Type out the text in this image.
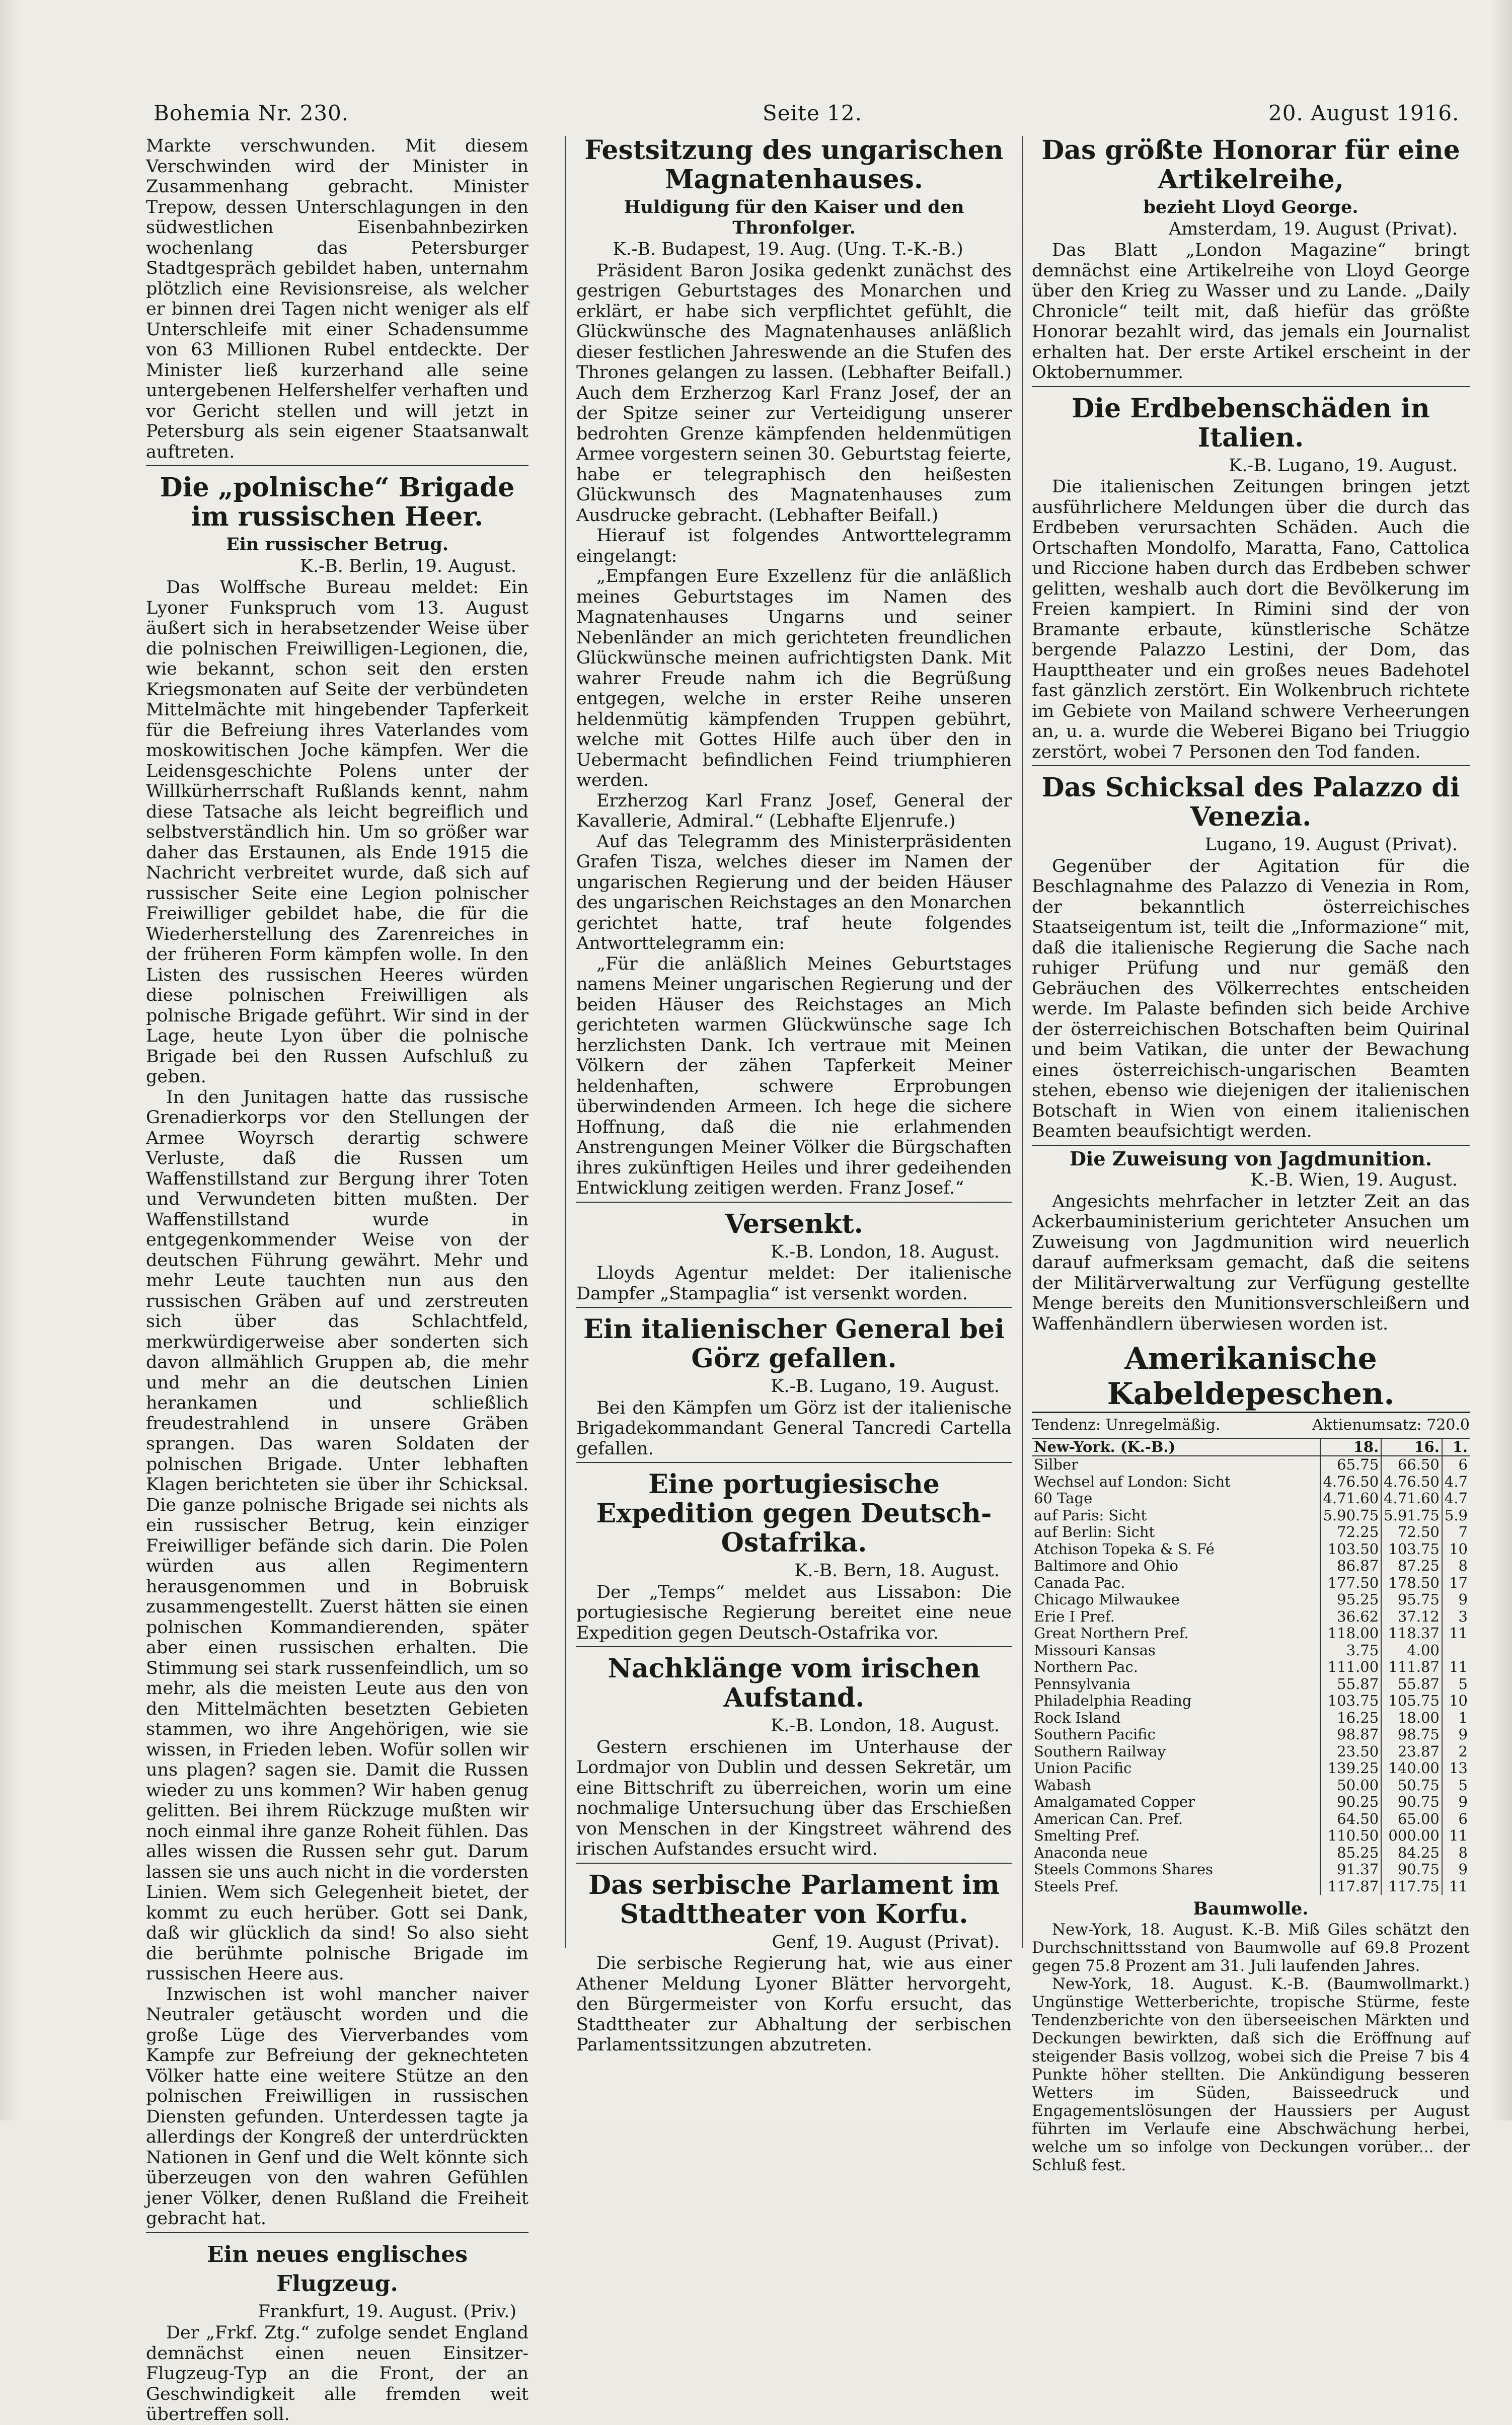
Bohemia Nr. 230.	Seite 12.	20. August 1916.

Markte verschwunden. Mit diesem Verschwinden wird der Minister in Zusammenhang gebracht. Minister Trepow, dessen Unterschlagungen in den südwestlichen Eisenbahnbezirken wochenlang das Petersburger Stadtgespräch gebildet haben, unternahm plötzlich eine Revisionsreise, als welcher er binnen drei Tagen nicht weniger als elf Unterschleife mit einer Schadensumme von 63 Millionen Rubel entdeckte. Der Minister ließ kurzerhand alle seine untergebenen Helfershelfer verhaften und vor Gericht stellen und will jetzt in Petersburg als sein eigener Staatsanwalt auftreten.

Die „polnische“ Brigade im russischen Heer.
Ein russischer Betrug.
K.-B. Berlin, 19. August.

Das Wolffsche Bureau meldet: Ein Lyoner Funkspruch vom 13. August äußert sich in herabsetzender Weise über die polnischen Freiwilligen-Legionen, die, wie bekannt, schon seit den ersten Kriegsmonaten auf Seite der verbündeten Mittelmächte mit hingebender Tapferkeit für die Befreiung ihres Vaterlandes vom moskowitischen Joche kämpfen. Wer die Leidensgeschichte Polens unter der Willkürherrschaft Rußlands kennt, nahm diese Tatsache als leicht begreiflich und selbstverständlich hin. Um so größer war daher das Erstaunen, als Ende 1915 die Nachricht verbreitet wurde, daß sich auf russischer Seite eine Legion polnischer Freiwilliger gebildet habe, die für die Wiederherstellung des Zarenreiches in der früheren Form kämpfen wolle. In den Listen des russischen Heeres würden diese polnischen Freiwilligen als polnische Brigade geführt. Wir sind in der Lage, heute Lyon über die polnische Brigade bei den Russen Aufschluß zu geben.

In den Junitagen hatte das russische Grenadierkorps vor den Stellungen der Armee Woyrsch derartig schwere Verluste, daß die Russen um Waffenstillstand zur Bergung ihrer Toten und Verwundeten bitten mußten. Der Waffenstillstand wurde in entgegenkommender Weise von der deutschen Führung gewährt. Mehr und mehr Leute tauchten nun aus den russischen Gräben auf und zerstreuten sich über das Schlachtfeld, merkwürdigerweise aber sonderten sich davon allmählich Gruppen ab, die mehr und mehr an die deutschen Linien herankamen und schließlich freudestrahlend in unsere Gräben sprangen. Das waren Soldaten der polnischen Brigade. Unter lebhaften Klagen berichteten sie über ihr Schicksal. Die ganze polnische Brigade sei nichts als ein russischer Betrug, kein einziger Freiwilliger befände sich darin. Die Polen würden aus allen Regimentern herausgenommen und in Bobruisk zusammengestellt. Zuerst hätten sie einen polnischen Kommandierenden, später aber einen russischen erhalten. Die Stimmung sei stark russenfeindlich, um so mehr, als die meisten Leute aus den von den Mittelmächten besetzten Gebieten stammen, wo ihre Angehörigen, wie sie wissen, in Frieden leben. Wofür sollen wir uns plagen? sagen sie. Damit die Russen wieder zu uns kommen? Wir haben genug gelitten. Bei ihrem Rückzuge mußten wir noch einmal ihre ganze Roheit fühlen. Das alles wissen die Russen sehr gut. Darum lassen sie uns auch nicht in die vordersten Linien. Wem sich Gelegenheit bietet, der kommt zu euch herüber. Gott sei Dank, daß wir glücklich da sind! So also sieht die berühmte polnische Brigade im russischen Heere aus.

Inzwischen ist wohl mancher naiver Neutraler getäuscht worden und die große Lüge des Vierverbandes vom Kampfe zur Befreiung der geknechteten Völker hatte eine weitere Stütze an den polnischen Freiwilligen in russischen Diensten gefunden. Unterdessen tagte ja allerdings der Kongreß der unterdrückten Nationen in Genf und die Welt könnte sich überzeugen von den wahren Gefühlen jener Völker, denen Rußland die Freiheit gebracht hat.

Ein neues englisches Flugzeug.
Frankfurt, 19. August. (Priv.)

Der „Frkf. Ztg.“ zufolge sendet England demnächst einen neuen Einsitzer-Flugzeug-Typ an die Front, der an Geschwindigkeit alle fremden weit übertreffen soll.

Festsitzung des ungarischen Magnatenhauses.
Huldigung für den Kaiser und den Thronfolger.
K.-B. Budapest, 19. Aug. (Ung. T.-K.-B.)

Präsident Baron Josika gedenkt zunächst des gestrigen Geburtstages des Monarchen und erklärt, er habe sich verpflichtet gefühlt, die Glückwünsche des Magnatenhauses anläßlich dieser festlichen Jahreswende an die Stufen des Thrones gelangen zu lassen. (Lebhafter Beifall.) Auch dem Erzherzog Karl Franz Josef, der an der Spitze seiner zur Verteidigung unserer bedrohten Grenze kämpfenden heldenmütigen Armee vorgestern seinen 30. Geburtstag feierte, habe er telegraphisch den heißesten Glückwunsch des Magnatenhauses zum Ausdrucke gebracht. (Lebhafter Beifall.)

Hierauf ist folgendes Antworttelegramm eingelangt:

„Empfangen Eure Exzellenz für die anläßlich meines Geburtstages im Namen des Magnatenhauses Ungarns und seiner Nebenländer an mich gerichteten freundlichen Glückwünsche meinen aufrichtigsten Dank. Mit wahrer Freude nahm ich die Begrüßung entgegen, welche in erster Reihe unseren heldenmütig kämpfenden Truppen gebührt, welche mit Gottes Hilfe auch über den in Uebermacht befindlichen Feind triumphieren werden.

Erzherzog Karl Franz Josef, General der Kavallerie, Admiral.“ (Lebhafte Eljenrufe.)

Auf das Telegramm des Ministerpräsidenten Grafen Tisza, welches dieser im Namen der ungarischen Regierung und der beiden Häuser des ungarischen Reichstages an den Monarchen gerichtet hatte, traf heute folgendes Antworttelegramm ein:

„Für die anläßlich Meines Geburtstages namens Meiner ungarischen Regierung und der beiden Häuser des Reichstages an Mich gerichteten warmen Glückwünsche sage Ich herzlichsten Dank. Ich vertraue mit Meinen Völkern der zähen Tapferkeit Meiner heldenhaften, schwere Erprobungen überwindenden Armeen. Ich hege die sichere Hoffnung, daß die nie erlahmenden Anstrengungen Meiner Völker die Bürgschaften ihres zukünftigen Heiles und ihrer gedeihenden Entwicklung zeitigen werden. Franz Josef.“

Versenkt.
K.-B. London, 18. August.

Lloyds Agentur meldet: Der italienische Dampfer „Stampaglia“ ist versenkt worden.

Ein italienischer General bei Görz gefallen.
K.-B. Lugano, 19. August.

Bei den Kämpfen um Görz ist der italienische Brigadekommandant General Tancredi Cartella gefallen.

Eine portugiesische Expedition gegen Deutsch-Ostafrika.
K.-B. Bern, 18. August.

Der „Temps“ meldet aus Lissabon: Die portugiesische Regierung bereitet eine neue Expedition gegen Deutsch-Ostafrika vor.

Nachklänge vom irischen Aufstand.
K.-B. London, 18. August.

Gestern erschienen im Unterhause der Lordmajor von Dublin und dessen Sekretär, um eine Bittschrift zu überreichen, worin um eine nochmalige Untersuchung über das Erschießen von Menschen in der Kingstreet während des irischen Aufstandes ersucht wird.

Das serbische Parlament im Stadttheater von Korfu.
Genf, 19. August (Privat).

Die serbische Regierung hat, wie aus einer Athener Meldung Lyoner Blätter hervorgeht, den Bürgermeister von Korfu ersucht, das Stadttheater zur Abhaltung der serbischen Parlamentssitzungen abzutreten.

Das größte Honorar für eine Artikelreihe,
bezieht Lloyd George.
Amsterdam, 19. August (Privat).

Das Blatt „London Magazine“ bringt demnächst eine Artikelreihe von Lloyd George über den Krieg zu Wasser und zu Lande. „Daily Chronicle“ teilt mit, daß hiefür das größte Honorar bezahlt wird, das jemals ein Journalist erhalten hat. Der erste Artikel erscheint in der Oktobernummer.

Die Erdbebenschäden in Italien.
K.-B. Lugano, 19. August.

Die italienischen Zeitungen bringen jetzt ausführlichere Meldungen über die durch das Erdbeben verursachten Schäden. Auch die Ortschaften Mondolfo, Maratta, Fano, Cattolica und Riccione haben durch das Erdbeben schwer gelitten, weshalb auch dort die Bevölkerung im Freien kampiert. In Rimini sind der von Bramante erbaute, künstlerische Schätze bergende Palazzo Lestini, der Dom, das Haupttheater und ein großes neues Badehotel fast gänzlich zerstört. Ein Wolkenbruch richtete im Gebiete von Mailand schwere Verheerungen an, u. a. wurde die Weberei Bigano bei Triuggio zerstört, wobei 7 Personen den Tod fanden.

Das Schicksal des Palazzo di Venezia.
Lugano, 19. August (Privat).

Gegenüber der Agitation für die Beschlagnahme des Palazzo di Venezia in Rom, der bekanntlich österreichisches Staatseigentum ist, teilt die „Informazione“ mit, daß die italienische Regierung die Sache nach ruhiger Prüfung und nur gemäß den Gebräuchen des Völkerrechtes entscheiden werde. Im Palaste befinden sich beide Archive der österreichischen Botschaften beim Quirinal und beim Vatikan, die unter der Bewachung eines österreichisch-ungarischen Beamten stehen, ebenso wie diejenigen der italienischen Botschaft in Wien von einem italienischen Beamten beaufsichtigt werden.

Die Zuweisung von Jagdmunition.
K.-B. Wien, 19. August.

Angesichts mehrfacher in letzter Zeit an das Ackerbauministerium gerichteter Ansuchen um Zuweisung von Jagdmunition wird neuerlich darauf aufmerksam gemacht, daß die seitens der Militärverwaltung zur Verfügung gestellte Menge bereits den Munitionsverschleißern und Waffenhändlern überwiesen worden ist.

Amerikanische Kabeldepeschen.
Tendenz: Unregelmäßig.	Aktienumsatz: 720.0
New-York. (K.-B.)	18.	16.	1.
Silber	65.75	66.50	6
Wechsel auf London: Sicht	4.76.50	4.76.50	4.7
60 Tage	4.71.60	4.71.60	4.7
auf Paris: Sicht	5.90.75	5.91.75	5.9
auf Berlin: Sicht	72.25	72.50	7
Atchison Topeka & S. Fé	103.50	103.75	10
Baltimore and Ohio	86.87	87.25	8
Canada Pac.	177.50	178.50	17
Chicago Milwaukee	95.25	95.75	9
Erie I Pref.	36.62	37.12	3
Great Northern Pref.	118.00	118.37	11
Missouri Kansas	3.75	4.00	
Northern Pac.	111.00	111.87	11
Pennsylvania	55.87	55.87	5
Philadelphia Reading	103.75	105.75	10
Rock Island	16.25	18.00	1
Southern Pacific	98.87	98.75	9
Southern Railway	23.50	23.87	2
Union Pacific	139.25	140.00	13
Wabash	50.00	50.75	5
Amalgamated Copper	90.25	90.75	9
American Can. Pref.	64.50	65.00	6
Smelting Pref.	110.50	000.00	11
Anaconda neue	85.25	84.25	8
Steels Commons Shares	91.37	90.75	9
Steels Pref.	117.87	117.75	11
Baumwolle.

New-York, 18. August. K.-B. Miß Giles schätzt den Durchschnittsstand von Baumwolle auf 69.8 Prozent gegen 75.8 Prozent am 31. Juli laufenden Jahres.

New-York, 18. August. K.-B. (Baumwollmarkt.) Ungünstige Wetterberichte, tropische Stürme, feste Tendenzberichte von den überseeischen Märkten und Deckungen bewirkten, daß sich die Eröffnung auf steigender Basis vollzog, wobei sich die Preise 7 bis 4 Punkte höher stellten. Die Ankündigung besseren Wetters im Süden, Baisseedruck und Engagementslösungen der Haussiers per August führten im Verlaufe eine Abschwächung herbei, welche um so infolge von Deckungen vorüber... der Schluß fest.
